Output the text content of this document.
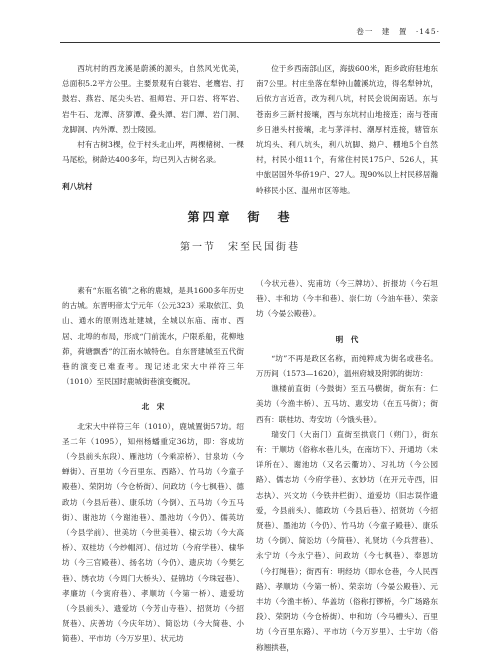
卷一　建　置　·145·

西坑村的西龙溪是蔚溪的源头，自然风光优美，总面积5.2平方公里。主要景观有白蓑岩、老鹰岩、打鼓岩、燕岩、尾尖头岩、祖师岩、开口岩、将军岩、岩牛石、龙潭、济箩潭、叠头潭、岩门潭、岩门洞、龙脚洞、内外潭、烈士陵园。

村有古树3棵，位于村头北山坪，两棵楮树、一棵马尾松，树龄达400多年，均已列入古树名录。

利八坑村

位于乡西南部山区，海拔600米，距乡政府驻地东南7公里。村庄坐落在犁钟山麓溪坑边，得名犁钟坑，后依方言近音，改为利八坑，村民会说闽南话。东与苍南乡三新村接壤，西与东坑村山地接连；南与苍南乡日港头村接壤，北与茅洋村、潮厚村连接，辖管东坑坞头、利八坑头，利八坑脚、拗户、棚地5个自然村，村民小组11个，有常住村民175户、526人，其中旅居国外华侨19户、27人。现90%以上村民移居瀚岭移民小区、温州市区等地。

第四章　街　巷
第一节　宋至民国街巷

素有“东瓯名镇”之称的鹿城，是具1600多年历史的古城。东晋明帝太宁元年（公元323）采取依江、负山、通水的原则选址建城，全城以东庙、南市、西居、北埠的布局，形成“门前流水，户限系船，花柳地茆，荷塘飘香”的江南水城特色。自东晋建城至五代街巷的演变已难查考。现记述北宋大中祥符三年（1010）至民国时鹿城街巷演变概况。

北　宋

北宋大中祥符三年（1010），鹿城置街57坊。绍圣二年（1095），知州杨蟠重定36坊，即：容成坊（今县前头东段）、雁池坊（今乘凉桥）、甘泉坊（今蝉街）、百里坊（今百里东、西路）、竹马坊（今童子殿巷）、荣阴坊（今仓桥街）、问政坊（今七枫巷）、德政坊（今县后巷）、康乐坊（今倒）、五马坊（今五马街）、谢池坊（今谢池巷）、墨池坊（今仍）、儒英坊（今县学前）、世美坊（今世美巷）、棣云坊（今大高桥）、双桂坊（今纱帽河）、信过坊（今府学巷）、棣华坊（今三官殿巷）、扬名坊（今仍）、遗庆坊（今樊乞巷）、绣衣坊（今周门大桥头）、昼锦坊（今珠冠巷）、孝廉坊（今寅府巷）、孝顺坊（今第一桥）、遗爱坊（今县前头）、遗爱坊（今芳山寺巷）、招贤坊（今招贤巷）、庆善坊（今庆年坊）、简讼坊（今大简巷、小简巷）、平市坊（今万岁里）、状元坊

（今状元巷）、宪甫坊（今三牌坊）、折报坊（今石坦巷）、丰和坊（今丰和巷）、崇仁坊（今油车巷）、荣亲坊（今晏公殿巷）。

明　代

“坊”不再是政区名称，而纯粹成为街名或巷名。万历间（1573—1620），温州府城及附郭的街坊：

谯楼前直街（今鼓街）至五马横街，街东有：仁美坊（今渔丰桥）、五马坊、惠安坊（在五马街）；街西有：联桂坊、寿安坊（今饿头巷）。

瑞安门（大南门）直街至拱宸门（朔门），街东有：干顺坊（俗称水巷儿头，在南坊下）、开通坊（未详所在）、谢池坊（又名云衢坊）、习礼坊（今公园路）、儒志坊（今府学巷）、玄妙坊（在开元寺西，旧志执）、兴文坊（今铁井栏街）、道爱坊（旧志误作遗爱，今县前头）、德政坊（今县后巷）、招贤坊（今招贤巷）、墨池坊（今仍）、竹马坊（今童子殿巷）、康乐坊（今倒）、简讼坊（今简巷）、礼贤坊（今兵营巷）、永宁坊（今永宁巷）、问政坊（今七枫巷）、奉恩坊（今打绳巷）；街西有：明经坊（即水仓巷，今人民西路）、孝顺坊（今第一桥）、荣亲坊（今晏公殿巷）、元丰坊（今渔丰桥）、华盖坊（俗称打锣桥，今广场路东段）、荣阴坊（今仓桥街）、申和坊（今马槽头）、百里坊（今百里东路）、平市坊（今万岁里）、士宇坊（俗称翘拱巷，
